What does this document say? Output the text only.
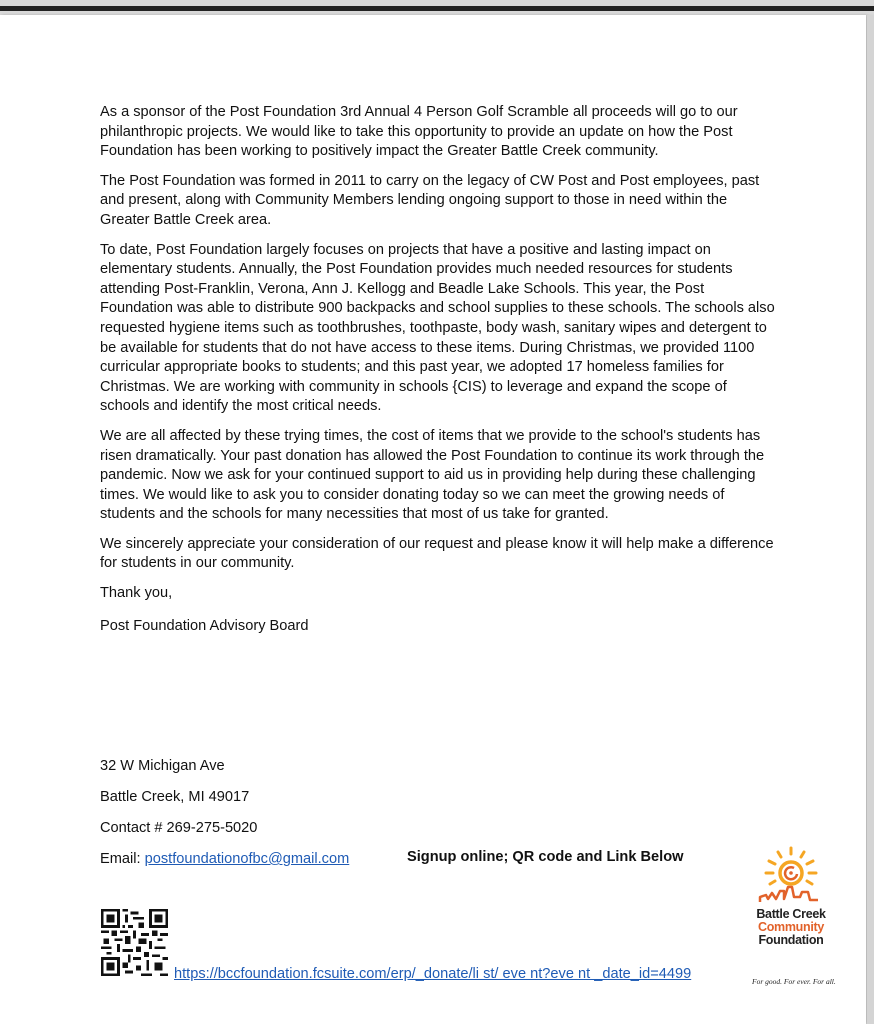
As a sponsor of the Post Foundation 3rd Annual 4 Person Golf Scramble all proceeds will go to our philanthropic projects. We would like to take this opportunity to provide an update on how the Post Foundation has been working to positively impact the Greater Battle Creek community.

The Post Foundation was formed in 2011 to carry on the legacy of CW Post and Post employees, past and present, along with Community Members lending ongoing support to those in need within the Greater Battle Creek area.

To date, Post Foundation largely focuses on projects that have a positive and lasting impact on elementary students. Annually, the Post Foundation provides much needed resources for students attending Post-Franklin, Verona, Ann J. Kellogg and Beadle Lake Schools. This year, the Post Foundation was able to distribute 900 backpacks and school supplies to these schools. The schools also requested hygiene items such as toothbrushes, toothpaste, body wash, sanitary wipes and detergent to be available for students that do not have access to these items. During Christmas, we provided 1100 curricular appropriate books to students; and this past year, we adopted 17 homeless families for Christmas. We are working with community in schools {CIS) to leverage and expand the scope of schools and identify the most critical needs.

We are all affected by these trying times, the cost of items that we provide to the school's students has risen dramatically. Your past donation has allowed the Post Foundation to continue its work through the pandemic. Now we ask for your continued support to aid us in providing help during these challenging times. We would like to ask you to consider donating today so we can meet the growing needs of students and the schools for many necessities that most of us take for granted.

We sincerely appreciate your consideration of our request and please know it will help make a difference for students in our community.

Thank you,

Post Foundation Advisory Board

32 W Michigan Ave
Battle Creek, MI 49017
Contact # 269-275-5020
Email: postfoundationofbc@gmail.com	Signup online; QR code and Link Below
https://bccfoundation.fcsuite.com/erp/_donate/li st/ eve nt?eve nt _date_id=4499
Battle Creek
Community
Foundation
For good. For ever. For all.
